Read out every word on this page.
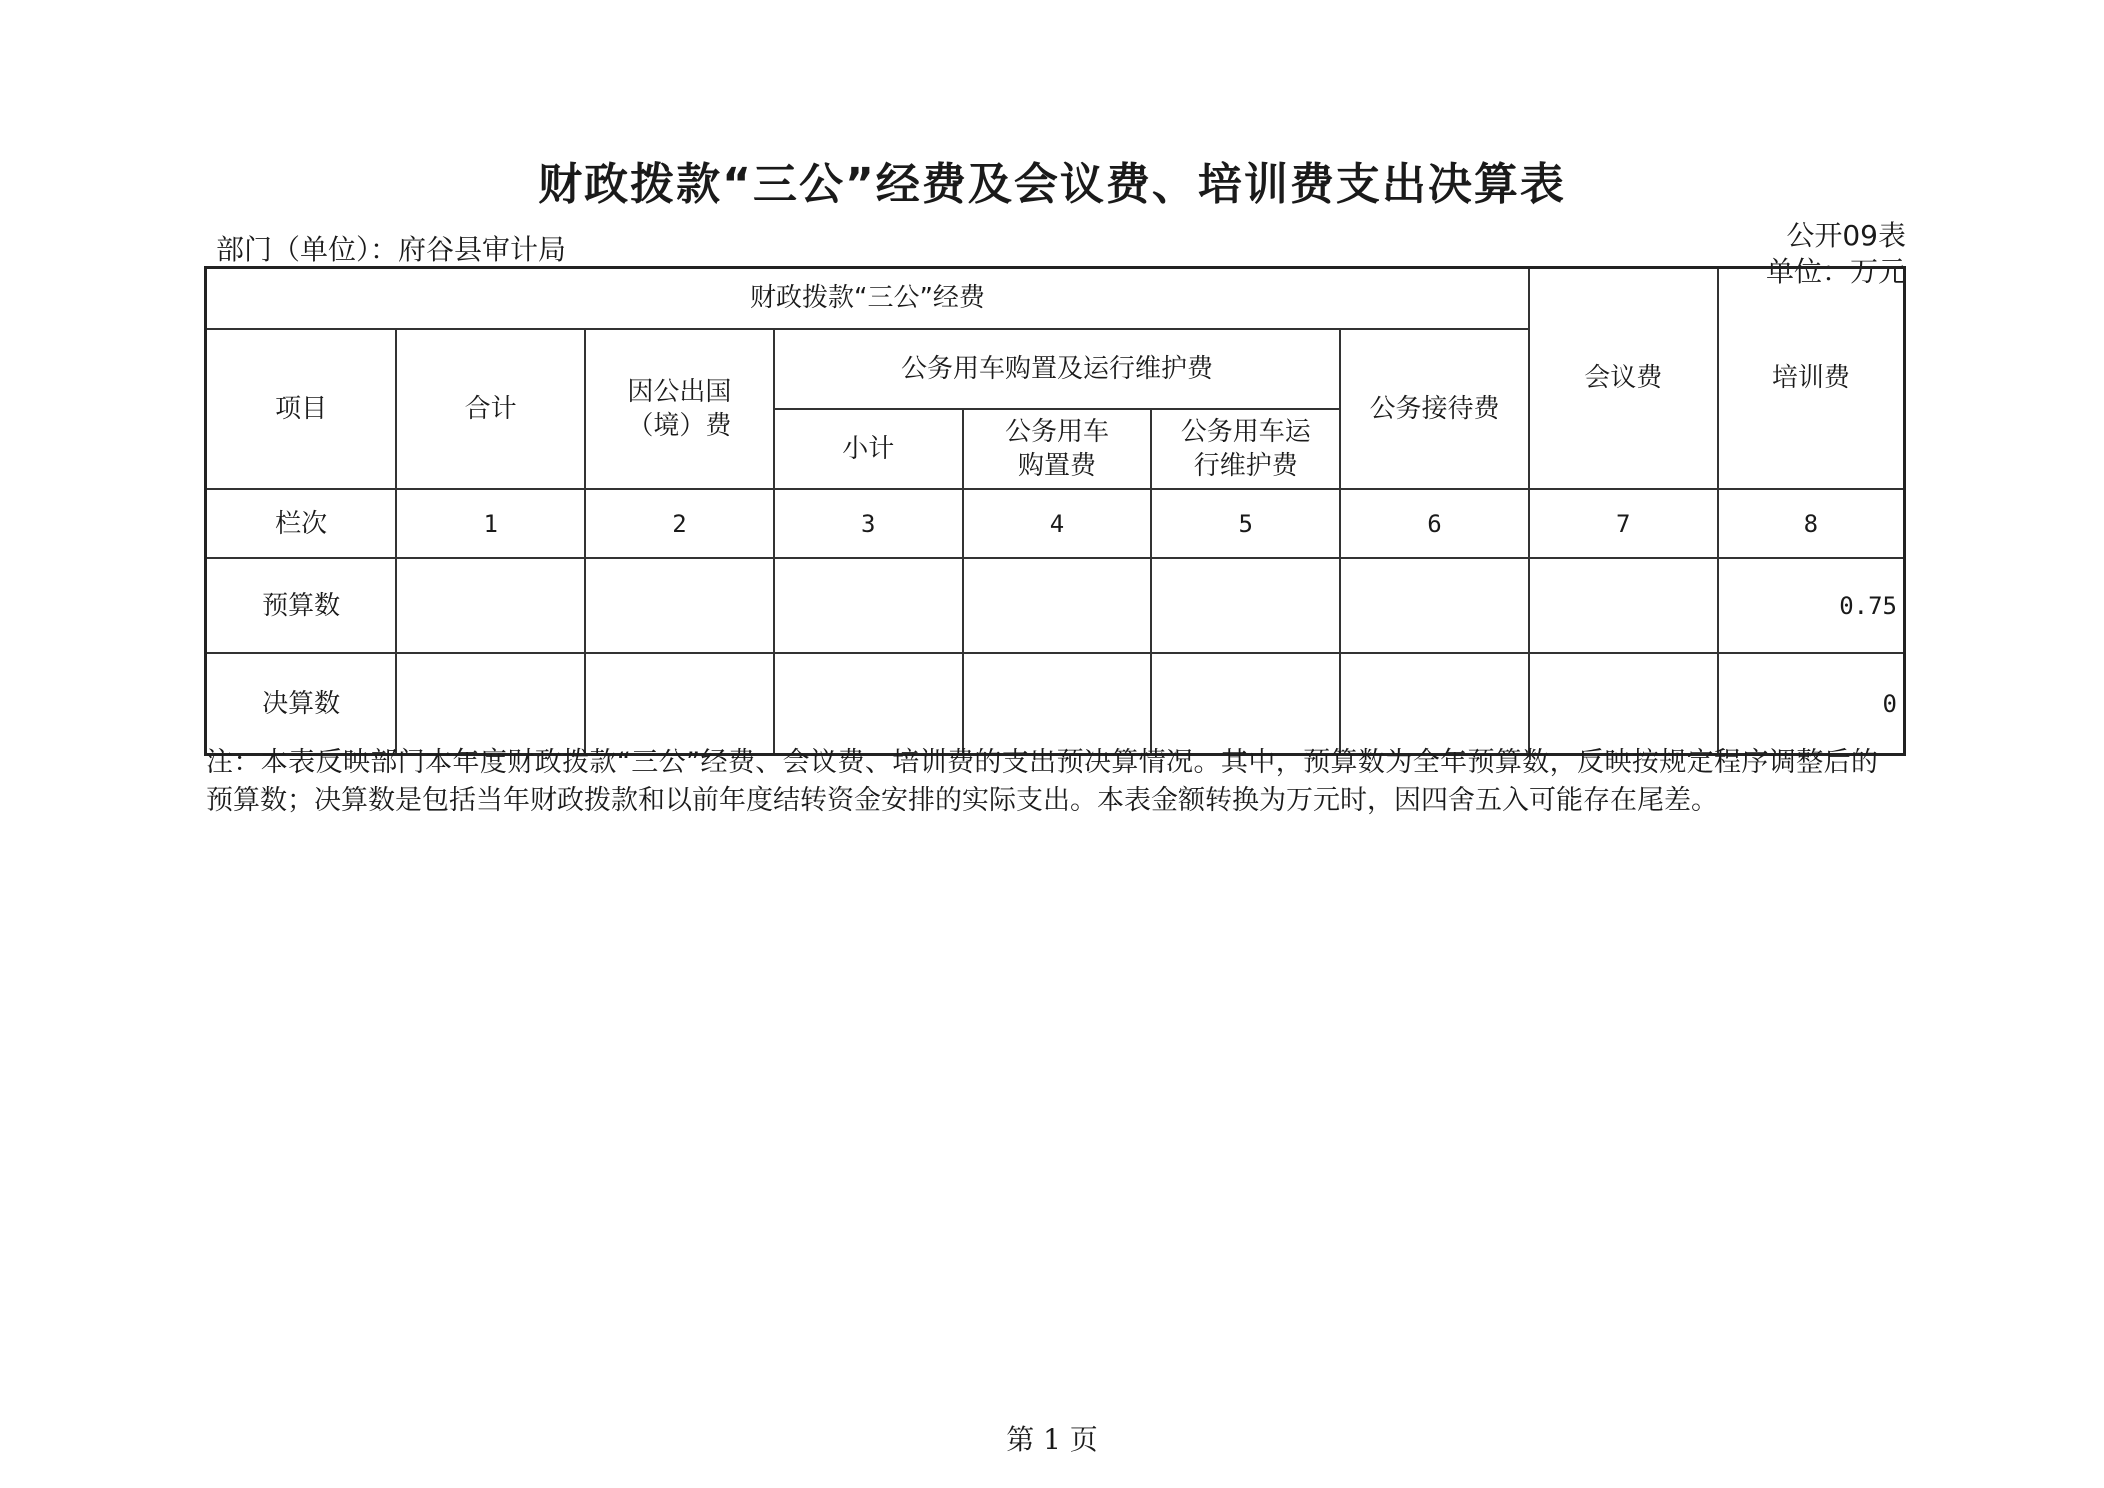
财政拨款“三公”经费及会议费、培训费支出决算表
部门（单位）：府谷县审计局	公开09表
单位：万元
财政拨款“三公”经费							会议费	培训费
项目	合计	因公出国（境）费	公务用车购置及运行维护费			公务接待费		
			小计	公务用车购置费	公务用车运行维护费			
栏次	1	2	3	4	5	6	7	8
预算数								0.75
决算数								0
注：本表反映部门本年度财政拨款“三公”经费、会议费、培训费的支出预决算情况。其中，预算数为全年预算数，反映按规定程序调整后的预算数；决算数是包括当年财政拨款和以前年度结转资金安排的实际支出。本表金额转换为万元时，因四舍五入可能存在尾差。
第 1 页
